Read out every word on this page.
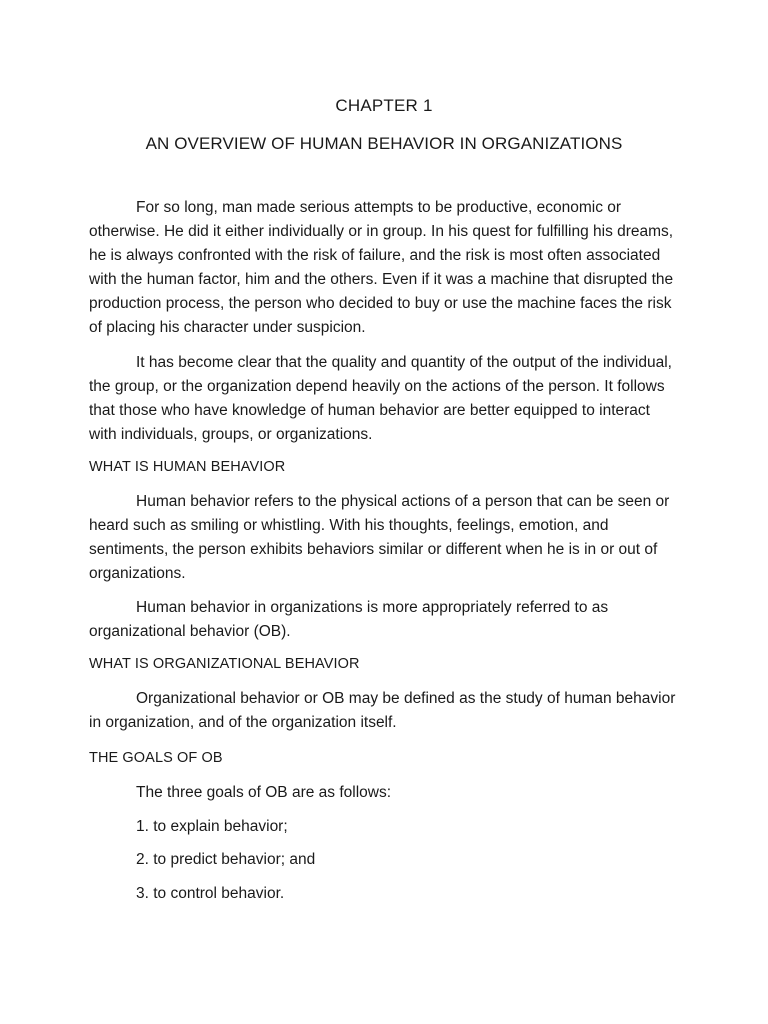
CHAPTER 1
AN OVERVIEW OF HUMAN BEHAVIOR IN ORGANIZATIONS

For so long, man made serious attempts to be productive, economic or otherwise. He did it either individually or in group. In his quest for fulfilling his dreams, he is always confronted with the risk of failure, and the risk is most often associated with the human factor, him and the others. Even if it was a machine that disrupted the production process, the person who decided to buy or use the machine faces the risk of placing his character under suspicion.

It has become clear that the quality and quantity of the output of the individual, the group, or the organization depend heavily on the actions of the person. It follows that those who have knowledge of human behavior are better equipped to interact with individuals, groups, or organizations.

WHAT IS HUMAN BEHAVIOR

Human behavior refers to the physical actions of a person that can be seen or heard such as smiling or whistling. With his thoughts, feelings, emotion, and sentiments, the person exhibits behaviors similar or different when he is in or out of organizations.

Human behavior in organizations is more appropriately referred to as organizational behavior (OB).

WHAT IS ORGANIZATIONAL BEHAVIOR

Organizational behavior or OB may be defined as the study of human behavior in organization, and of the organization itself.

THE GOALS OF OB

The three goals of OB are as follows:

1. to explain behavior;

2. to predict behavior; and

3. to control behavior.
